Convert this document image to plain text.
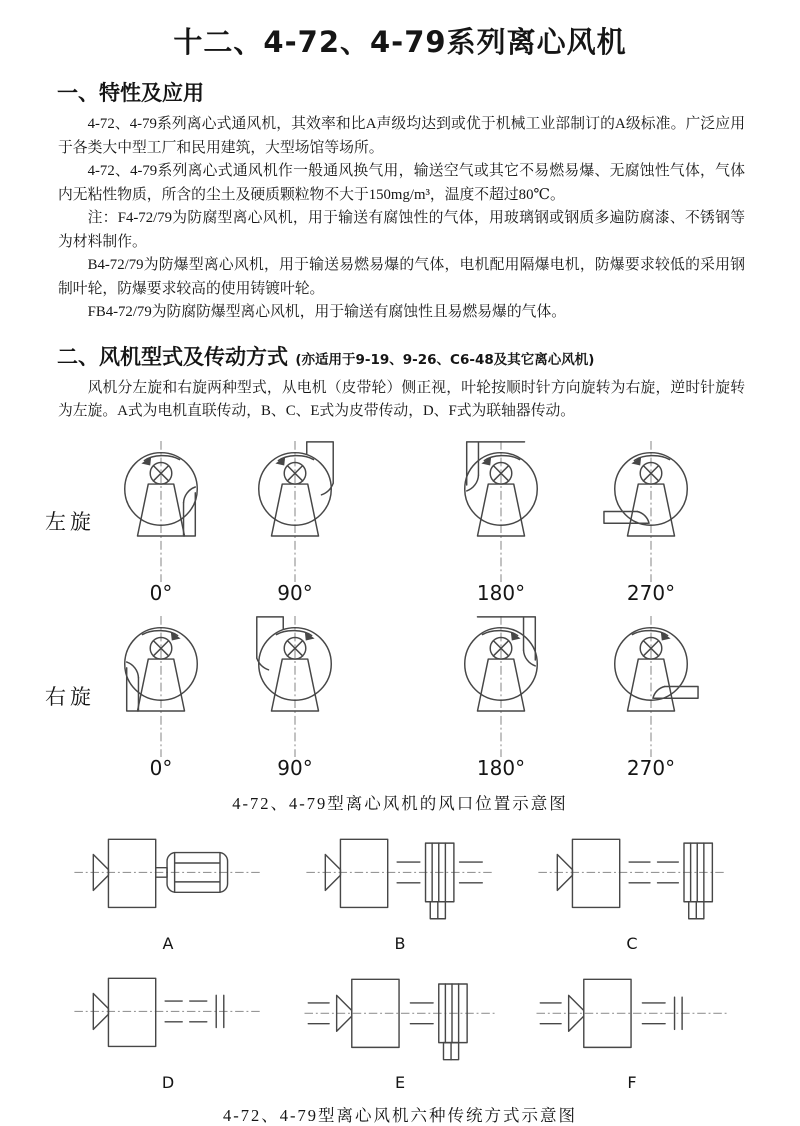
十二、4-72、4-79系列离心风机
一、特性及应用

4-72、4-79系列离心式通风机，其效率和比A声级均达到或优于机械工业部制订的A级标准。广泛应用于各类大中型工厂和民用建筑，大型场馆等场所。

4-72、4-79系列离心式通风机作一般通风换气用，输送空气或其它不易燃易爆、无腐蚀性气体，气体内无粘性物质，所含的尘土及硬质颗粒物不大于150mg/m³，温度不超过80℃。

注：F4-72/79为防腐型离心风机，用于输送有腐蚀性的气体，用玻璃钢或钢质多遍防腐漆、不锈钢等为材料制作。

B4-72/79为防爆型离心风机，用于输送易燃易爆的气体，电机配用隔爆电机，防爆要求较低的采用钢制叶轮，防爆要求较高的使用铸镀叶轮。

FB4-72/79为防腐防爆型离心风机，用于输送有腐蚀性且易燃易爆的气体。

二、风机型式及传动方式 (亦适用于9-19、9-26、C6-48及其它离心风机)

风机分左旋和右旋两种型式，从电机（皮带轮）侧正视，叶轮按顺时针方向旋转为右旋，逆时针旋转为左旋。A式为电机直联传动，B、C、E式为皮带传动，D、F式为联轴器传动。

左旋
0°	90°	180°	270°
右旋
0°	90°	180°	270°
4-72、4-79型离心风机的风口位置示意图
A	B	C
D	E	F
4-72、4-79型离心风机六种传统方式示意图
